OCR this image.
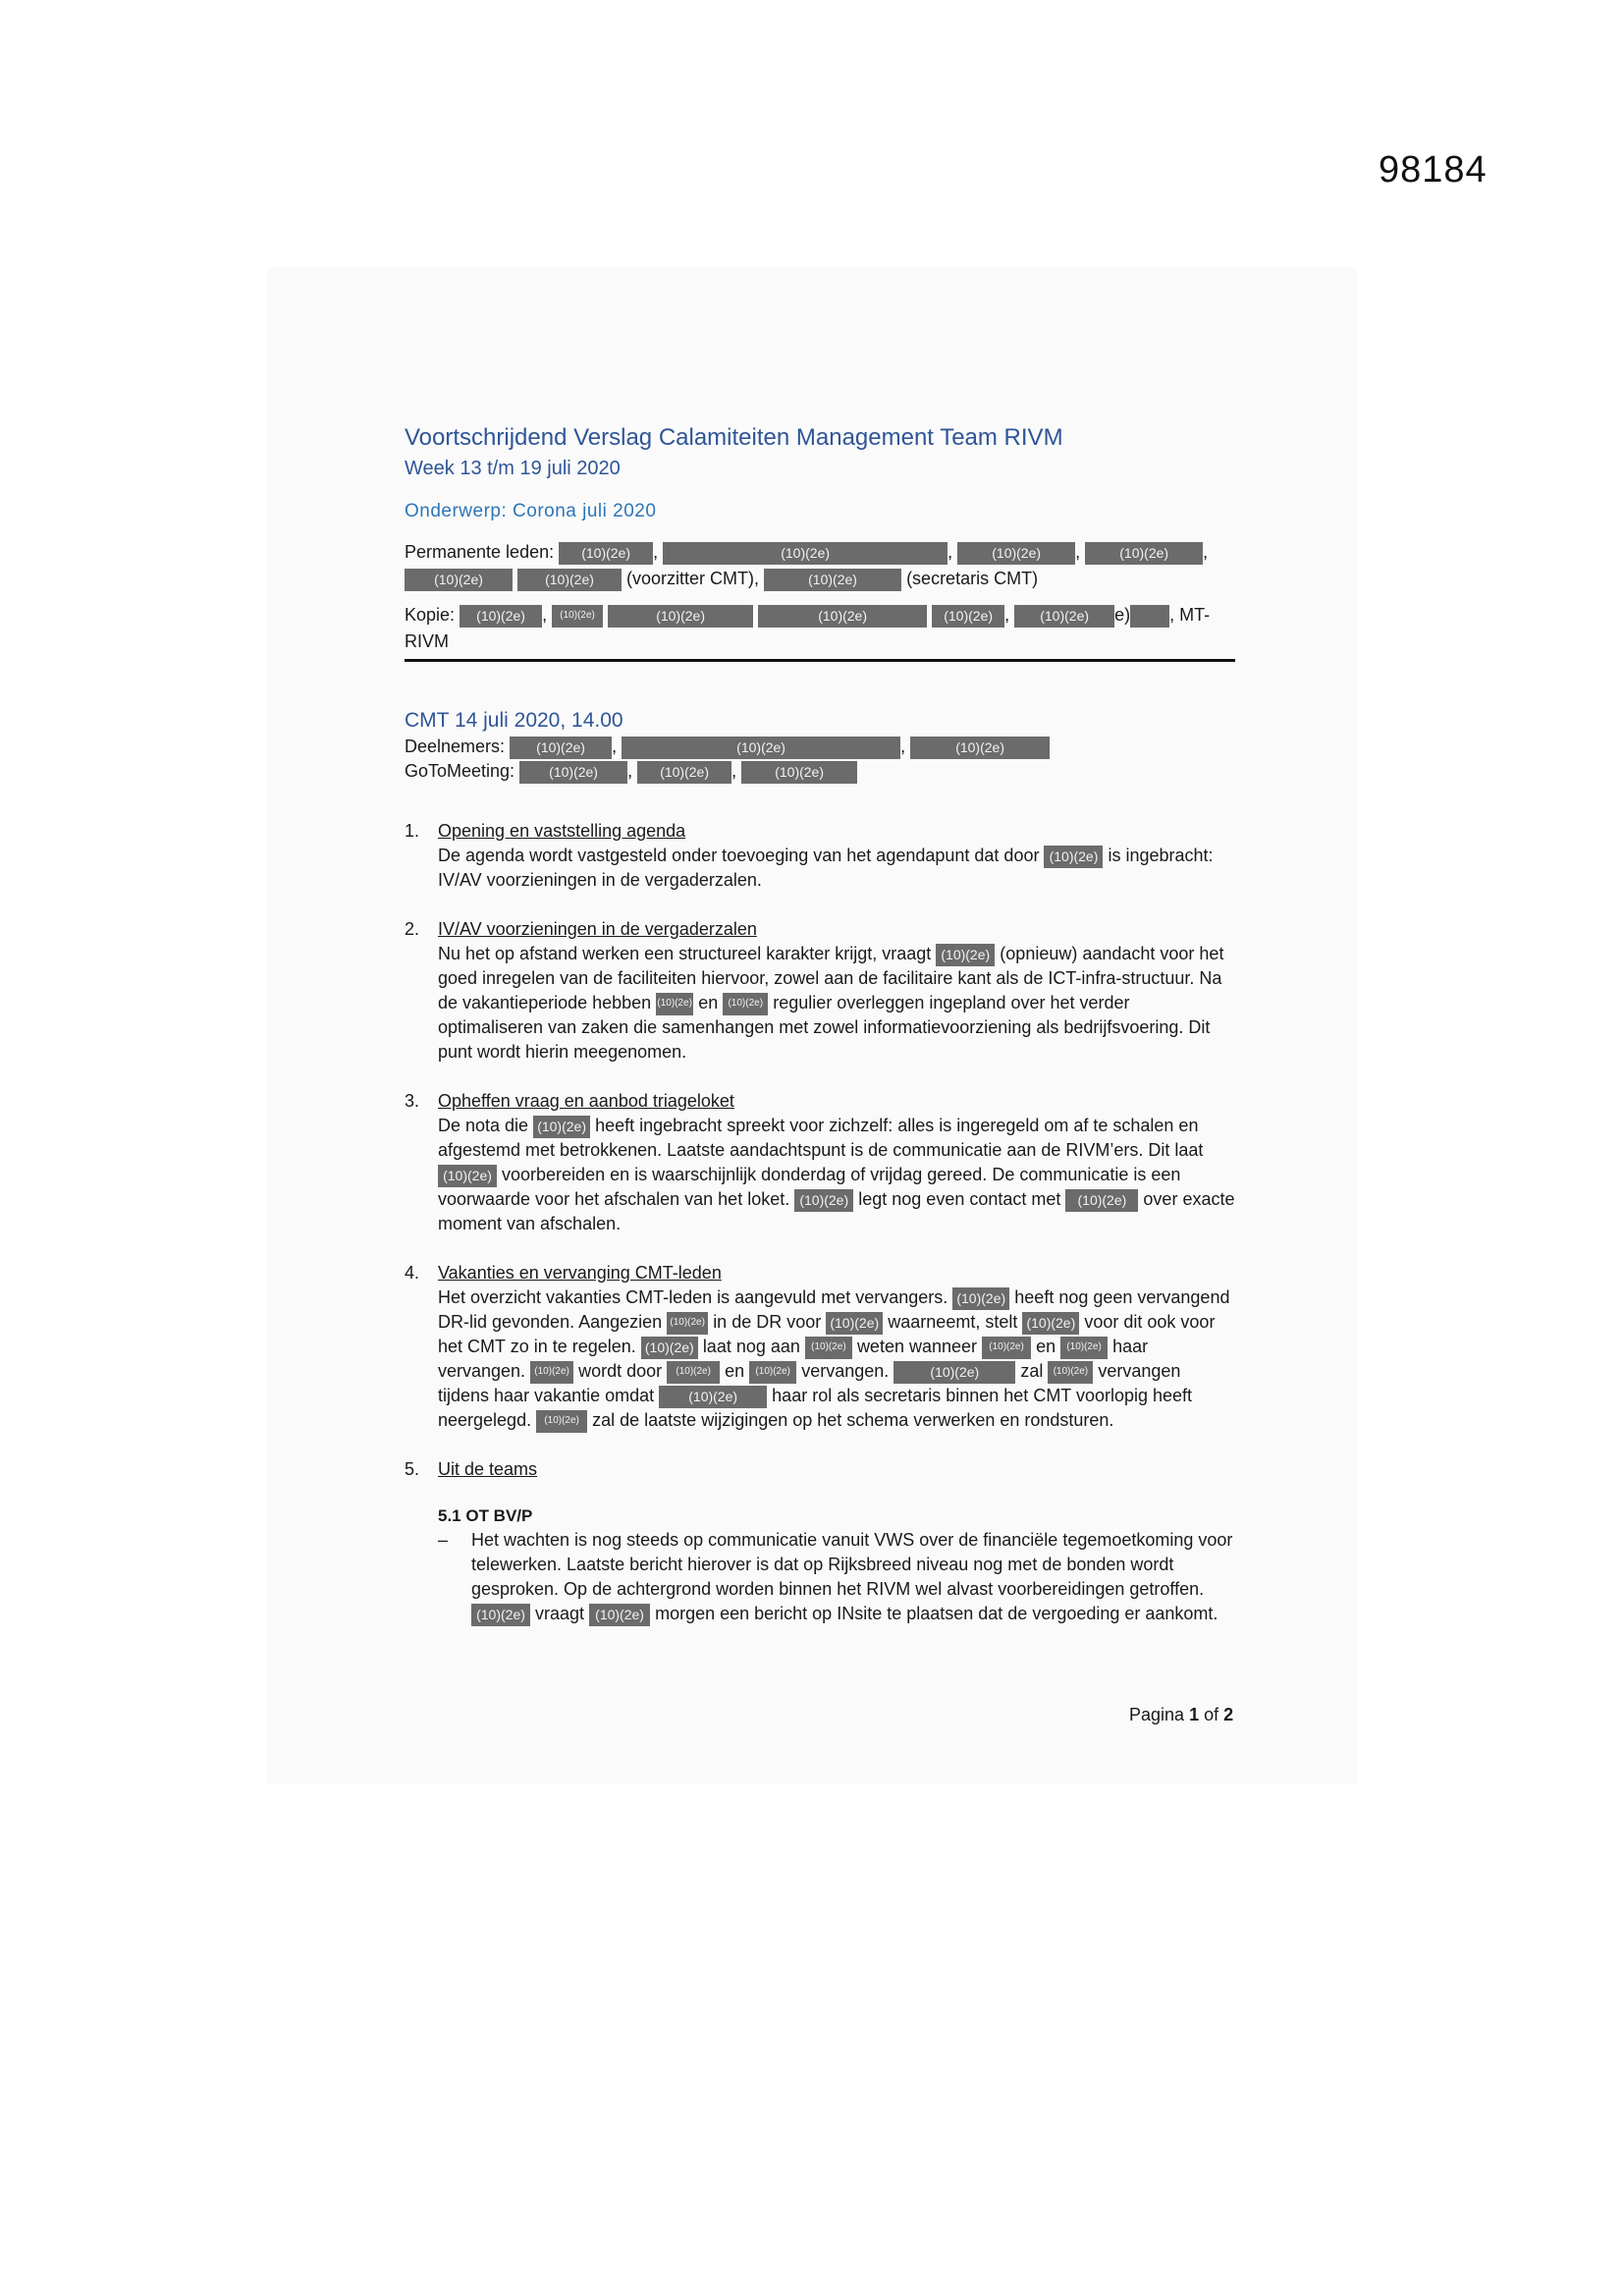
98184
Voortschrijdend Verslag Calamiteiten Management Team RIVM
Week 13 t/m 19 juli 2020
Onderwerp: Corona juli 2020
Permanente leden: (10)(2e) ,	(10)(2e)	,	(10)(2e) ,	(10)(2e) ,
(10)(2e)	(10)(2e) (voorzitter CMT),	(10)(2e)	(secretaris CMT)
Kopie: (10)(2e) , (10)(2e)	(10)(2e)	(10)(2e)	(10)(2e) , (10)(2e) e) , MT-
RIVM
CMT 14 juli 2020, 14.00
Deelnemers: (10)(2e) ,	(10)(2e)	,	(10)(2e)
GoToMeeting:	(10)(2e) , (10)(2e) , (10)(2e)
1. Opening en vaststelling agenda
De agenda wordt vastgesteld onder toevoeging van het agendapunt dat door (10)(2e) is ingebracht: IV/AV voorzieningen in de vergaderzalen.
2. IV/AV voorzieningen in de vergaderzalen
Nu het op afstand werken een structureel karakter krijgt, vraagt (10)(2e) (opnieuw) aandacht voor het goed inregelen van de faciliteiten hiervoor, zowel aan de facilitaire kant als de ICT-infra-structuur. Na de vakantieperiode hebben (10)(2e) en (10)(2e) regulier overleggen ingepland over het verder optimaliseren van zaken die samenhangen met zowel informatievoorziening als bedrijfsvoering. Dit punt wordt hierin meegenomen.
3. Opheffen vraag en aanbod triageloket
De nota die (10)(2e) heeft ingebracht spreekt voor zichzelf: alles is ingeregeld om af te schalen en afgestemd met betrokkenen. Laatste aandachtspunt is de communicatie aan de RIVM’ers. Dit laat (10)(2e) voorbereiden en is waarschijnlijk donderdag of vrijdag gereed. De communicatie is een voorwaarde voor het afschalen van het loket. (10)(2e) legt nog even contact met (10)(2e) over exacte moment van afschalen.
4. Vakanties en vervanging CMT-leden
Het overzicht vakanties CMT-leden is aangevuld met vervangers. (10)(2e) heeft nog geen vervangend DR-lid gevonden. Aangezien (10)(2e) in de DR voor (10)(2e) waarneemt, stelt (10)(2e) voor dit ook voor het CMT zo in te regelen. (10)(2e) laat nog aan (10)(2e) weten wanneer (10)(2e) en (10)(2e) haar vervangen. (10)(2e) wordt door (10)(2e) en (10)(2e) vervangen.	(10)(2e) zal (10)(2e) vervangen tijdens haar vakantie omdat	(10)(2e) haar rol als secretaris binnen het CMT voorlopig heeft neergelegd. (10)(2e) zal de laatste wijzigingen op het schema verwerken en rondsturen.
5. Uit de teams
5.1 OT BV/P
– Het wachten is nog steeds op communicatie vanuit VWS over de financiële tegemoetkoming voor telewerken. Laatste bericht hierover is dat op Rijksbreed niveau nog met de bonden wordt gesproken. Op de achtergrond worden binnen het RIVM wel alvast voorbereidingen getroffen. (10)(2e) vraagt (10)(2e) morgen een bericht op INsite te plaatsen dat de vergoeding er aankomt.
Pagina 1 of 2
